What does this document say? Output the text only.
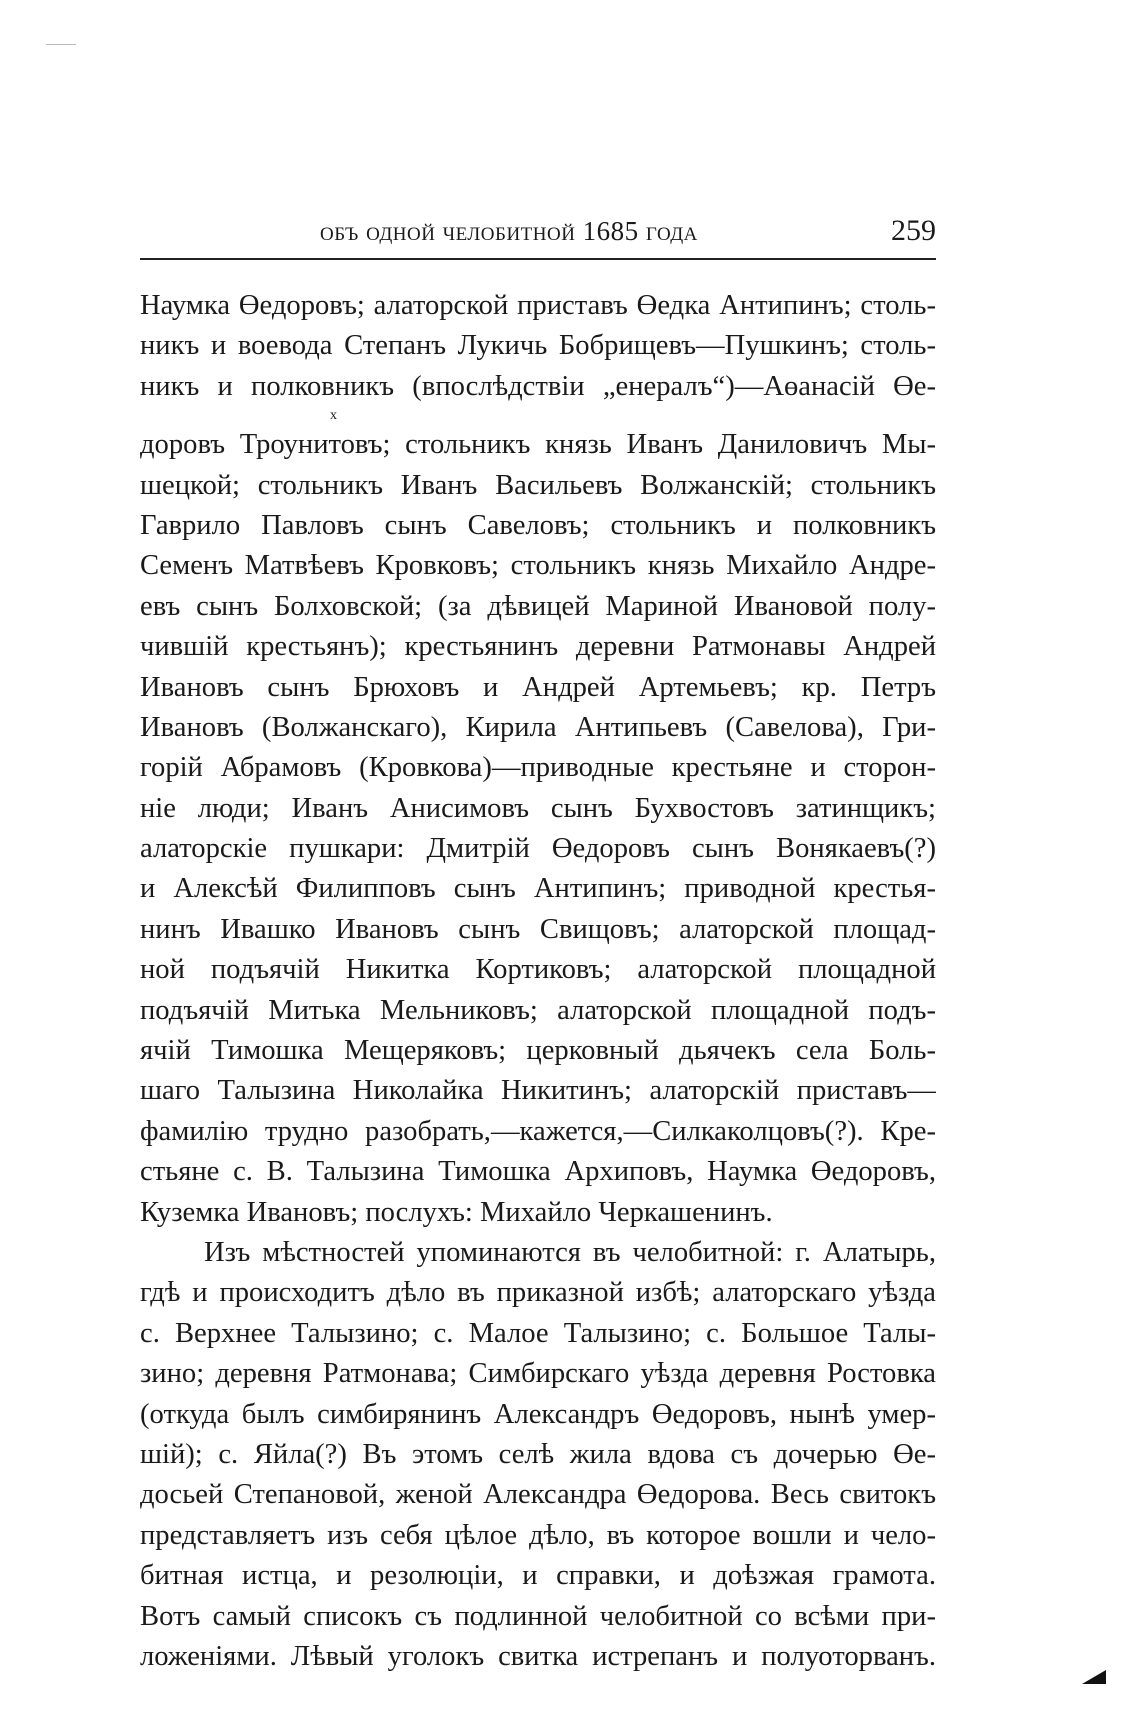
объ одной челобитной 1685 года	259
Наумка Өедоровъ; алаторской приставъ Өедка Антипинъ; столь-
никъ и воевода Степанъ Лукичь Бобрищевъ—Пушкинъ; столь-
никъ и полковникъ (впослѣдствіи „енералъ“)—Аөанасій Өе-
х
доровъ Троунитовъ; стольникъ князь Иванъ Даниловичъ Мы-
шецкой; стольникъ Иванъ Васильевъ Волжанскій; стольникъ
Гаврило Павловъ сынъ Савеловъ; стольникъ и полковникъ
Семенъ Матвѣевъ Кровковъ; стольникъ князь Михайло Андре-
евъ сынъ Болховской; (за дѣвицей Мариной Ивановой полу-
чившій крестьянъ); крестьянинъ деревни Ратмонавы Андрей
Ивановъ сынъ Брюховъ и Андрей Артемьевъ; кр. Петръ
Ивановъ (Волжанскаго), Кирила Антипьевъ (Савелова), Гри-
горій Абрамовъ (Кровкова)—приводные крестьяне и сторон-
ніе люди; Иванъ Анисимовъ сынъ Бухвостовъ затинщикъ;
алаторскіе пушкари: Дмитрій Өедоровъ сынъ Вонякаевъ(?)
и Алексѣй Филипповъ сынъ Антипинъ; приводной крестья-
нинъ Ивашко Ивановъ сынъ Свищовъ; алаторской площад-
ной подъячій Никитка Кортиковъ; алаторской площадной
подъячій Митька Мельниковъ; алаторской площадной подъ-
ячій Тимошка Мещеряковъ; церковный дьячекъ села Боль-
шаго Талызина Николайка Никитинъ; алаторскій приставъ—
фамилію трудно разобрать,—кажется,—Силкаколцовъ(?). Кре-
стьяне с. В. Талызина Тимошка Архиповъ, Наумка Өедоровъ,
Куземка Ивановъ; послухъ: Михайло Черкашенинъ.
Изъ мѣстностей упоминаются въ челобитной: г. Алатырь,
гдѣ и происходитъ дѣло въ приказной избѣ; алаторскаго уѣзда
с. Верхнее Талызино; с. Малое Талызино; с. Большое Талы-
зино; деревня Ратмонава; Симбирскаго уѣзда деревня Ростовка
(откуда былъ симбирянинъ Александръ Өедоровъ, нынѣ умер-
шій); с. Яйла(?) Въ этомъ селѣ жила вдова съ дочерью Өе-
досьей Степановой, женой Александра Өедорова. Весь свитокъ
представляетъ изъ себя цѣлое дѣло, въ которое вошли и чело-
битная истца, и резолюціи, и справки, и доѣзжая грамота.
Вотъ самый списокъ съ подлинной челобитной со всѣми при-
ложеніями. Лѣвый уголокъ свитка истрепанъ и полуоторванъ.
